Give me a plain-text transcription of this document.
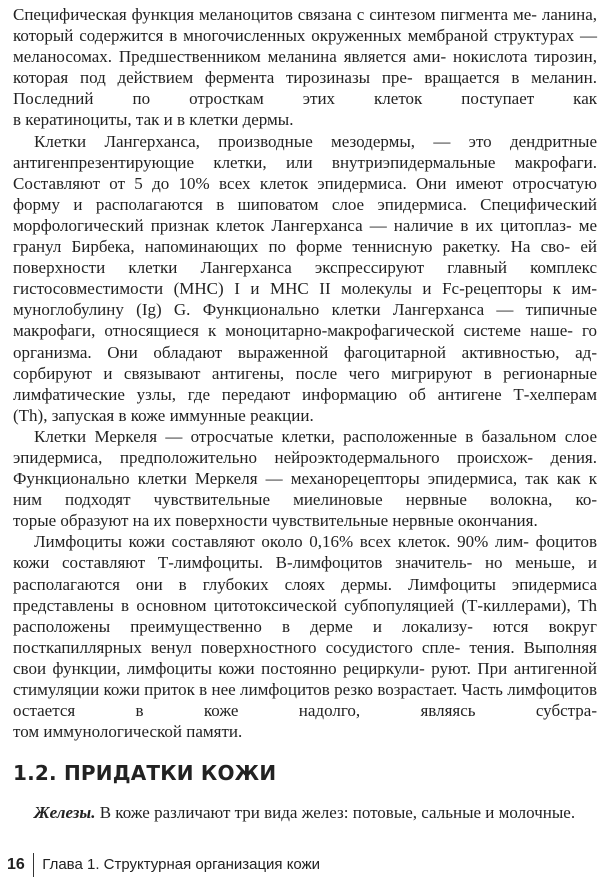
Специфическая функция меланоцитов связана с синтезом пигмента ме- ланина, который содержится в многочисленных окруженных мембраной структурах — меланосомах. Предшественником меланина является ами- нокислота тирозин, которая под действием фермента тирозиназы пре- вращается в меланин. Последний по отросткам этих клеток поступает как

в кератиноциты, так и в клетки дермы.

Клетки Лангерханса, производные мезодермы, — это дендритные антигенпрезентирующие клетки, или внутриэпидермальные макрофаги. Составляют от 5 до 10% всех клеток эпидермиса. Они имеют отросчатую форму и располагаются в шиповатом слое эпидермиса. Специфический морфологический признак клеток Лангерханса — наличие в их цитоплаз- ме гранул Бирбека, напоминающих по форме теннисную ракетку. На сво- ей поверхности клетки Лангерханса экспрессируют главный комплекс гистосовместимости (MHC) I и MHC II молекулы и Fc-рецепторы к им- муноглобулину (Ig) G. Функционально клетки Лангерханса — типичные макрофаги, относящиеся к моноцитарно-макрофагической системе наше- го организма. Они обладают выраженной фагоцитарной активностью, ад- сорбируют и связывают антигены, после чего мигрируют в регионарные лимфатические узлы, где передают информацию об антигене Т-хелперам

(Th), запуская в коже иммунные реакции.

Клетки Меркеля — отросчатые клетки, расположенные в базальном слое эпидермиса, предположительно нейроэктодермального происхож- дения. Функционально клетки Меркеля — механорецепторы эпидермиса, так как к ним подходят чувствительные миелиновые нервные волокна, ко-

торые образуют на их поверхности чувствительные нервные окончания.

Лимфоциты кожи составляют около 0,16% всех клеток. 90% лим- фоцитов кожи составляют Т-лимфоциты. В-лимфоцитов значитель- но меньше, и располагаются они в глубоких слоях дермы. Лимфоциты эпидермиса представлены в основном цитотоксической субпопуляцией (Т-киллерами), Th расположены преимущественно в дерме и локализу- ются вокруг посткапиллярных венул поверхностного сосудистого спле- тения. Выполняя свои функции, лимфоциты кожи постоянно рециркули- руют. При антигенной стимуляции кожи приток в нее лимфоцитов резко возрастает. Часть лимфоцитов остается в коже надолго, являясь субстра-

том иммунологической памяти.

1.2. ПРИДАТКИ КОЖИ

Железы. В коже различают три вида желез: потовые, сальные и молочные.

16	Глава 1. Структурная организация кожи
